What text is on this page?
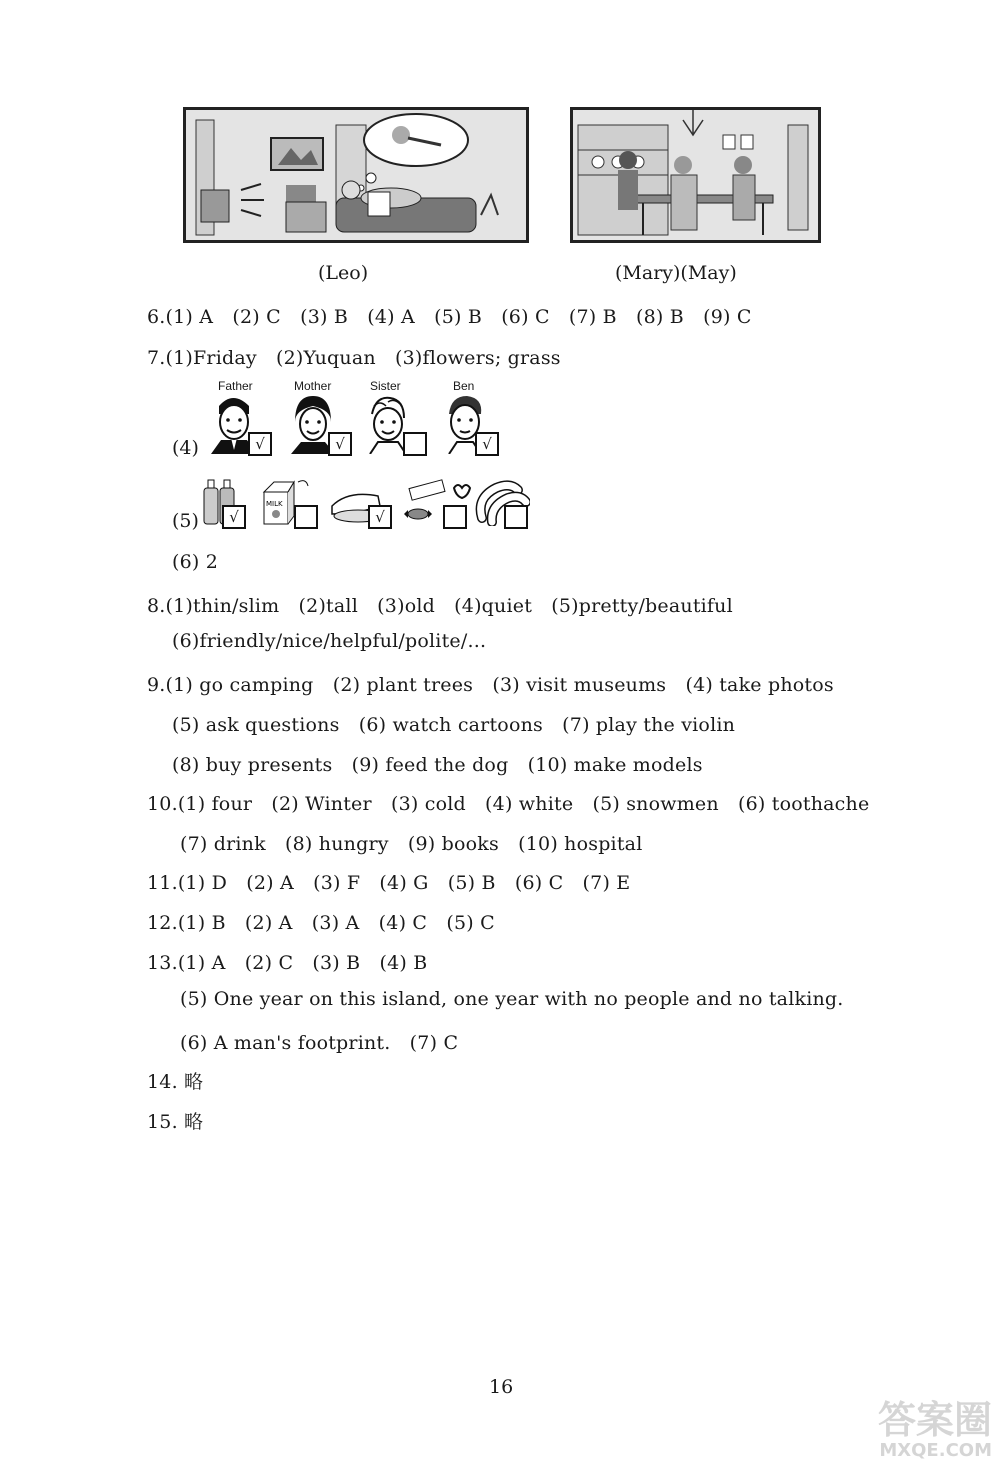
(Leo)	(Mary)(May)
6.(1) A　(2) C　(3) B　(4) A　(5) B　(6) C　(7) B　(8) B　(9) C
7.(1)Friday　(2)Yuquan　(3)flowers; grass
(4)
Father	Mother	Sister	Ben
√	√	√
(5)	√
MILK
√
(6) 2
8.(1)thin/slim　(2)tall　(3)old　(4)quiet　(5)pretty/beautiful
(6)friendly/nice/helpful/polite/...
9.(1) go camping　(2) plant trees　(3) visit museums　(4) take photos
(5) ask questions　(6) watch cartoons　(7) play the violin
(8) buy presents　(9) feed the dog　(10) make models
10.(1) four　(2) Winter　(3) cold　(4) white　(5) snowmen　(6) toothache
(7) drink　(8) hungry　(9) books　(10) hospital
11.(1) D　(2) A　(3) F　(4) G　(5) B　(6) C　(7) E
12.(1) B　(2) A　(3) A　(4) C　(5) C
13.(1) A　(2) C　(3) B　(4) B
(5) One year on this island, one year with no people and no talking.
(6) A man's footprint.　(7) C
14. 略
15. 略
16
答案圈
MXQE.COM
